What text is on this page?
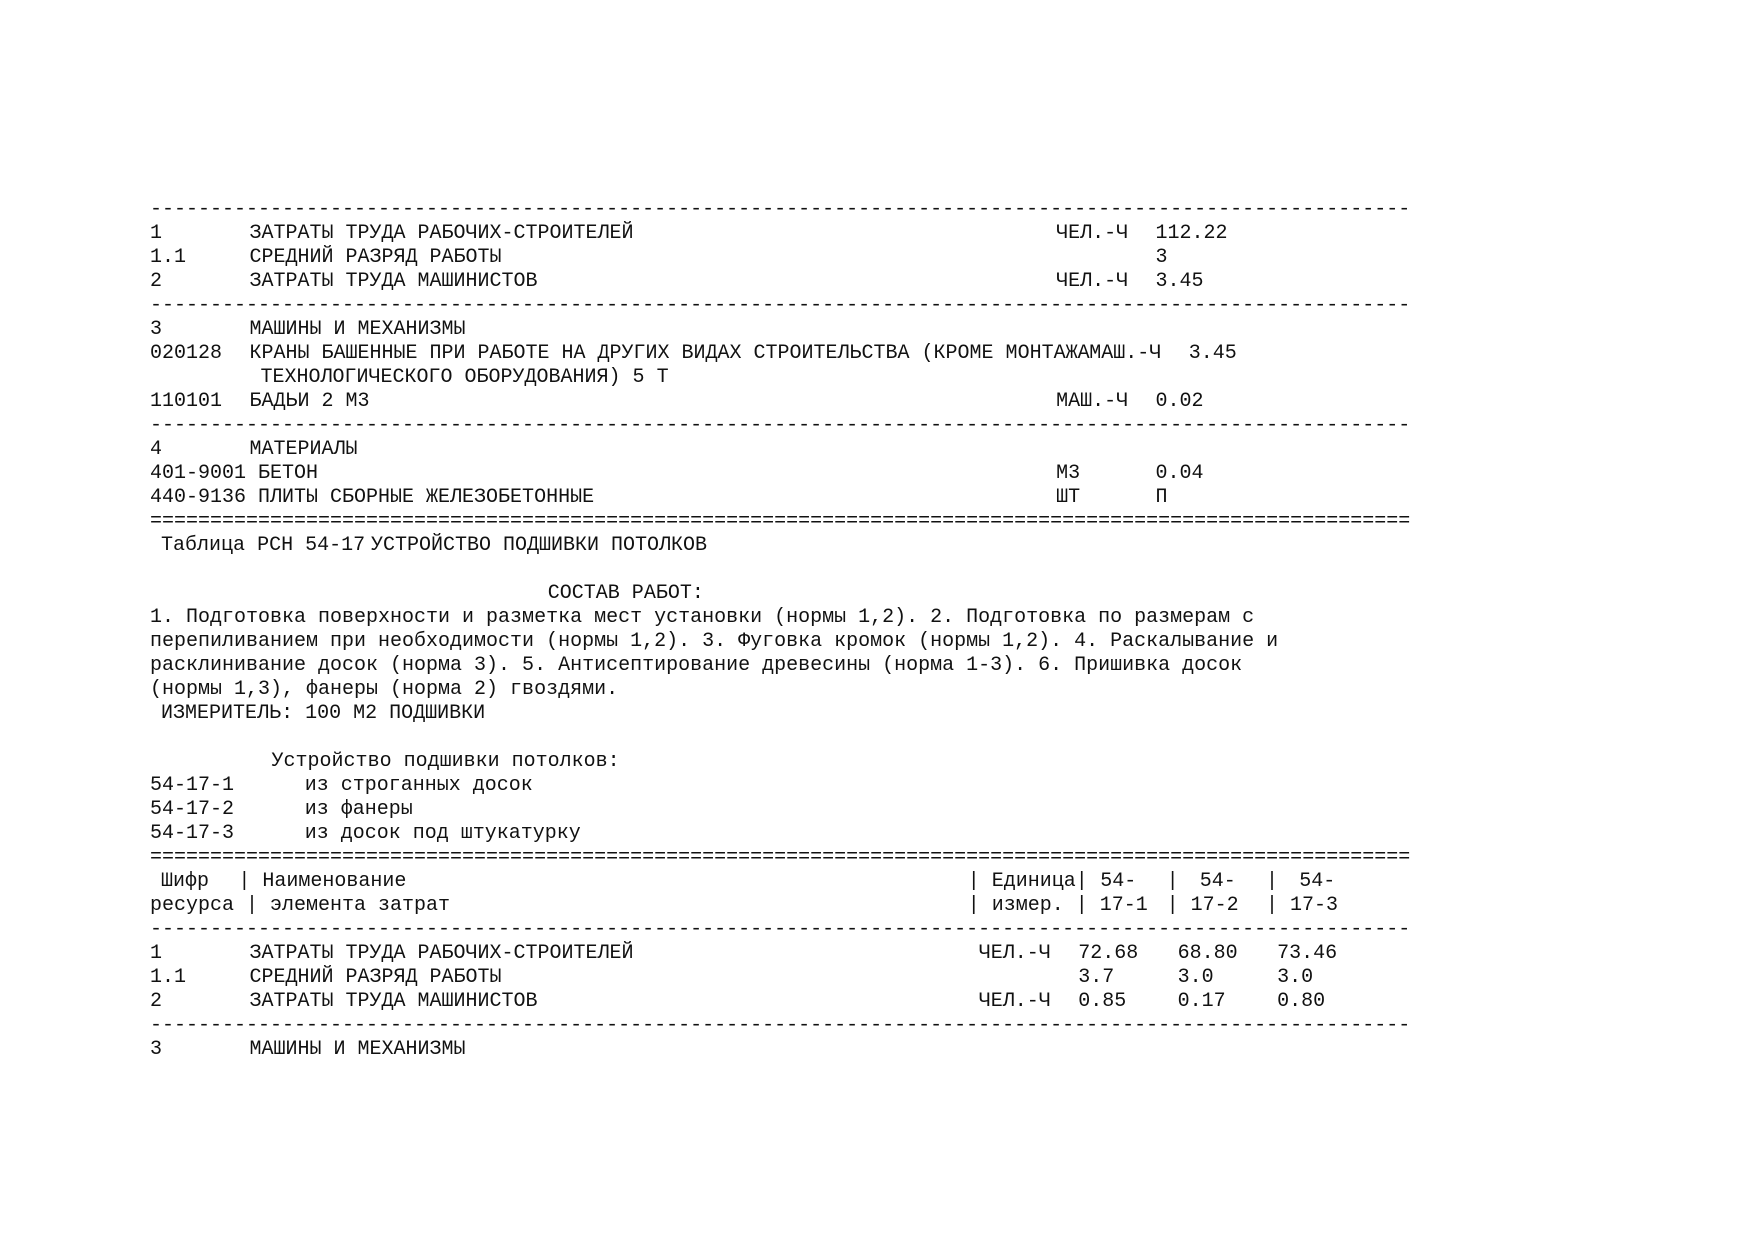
---------------------------------------------------------------------------------------------------------
1	ЗАТРАТЫ ТРУДА РАБОЧИХ-СТРОИТЕЛЕЙ	ЧЕЛ.-Ч 112.22
1.1	СРЕДНИЙ РАЗРЯД РАБОТЫ	3
2	ЗАТРАТЫ ТРУДА МАШИНИСТОВ	ЧЕЛ.-Ч 3.45
---------------------------------------------------------------------------------------------------------
3	МАШИНЫ И МЕХАНИЗМЫ
020128 КРАНЫ БАШЕННЫЕ ПРИ РАБОТЕ НА ДРУГИХ ВИДАХ СТРОИТЕЛЬСТВА (КРОМЕ МОНТАЖА МАШ.-Ч 3.45
ТЕХНОЛОГИЧЕСКОГО ОБОРУДОВАНИЯ) 5 Т
110101 БАДЬИ 2 М3	МАШ.-Ч 0.02
---------------------------------------------------------------------------------------------------------
4	МАТЕРИАЛЫ
401-9001 БЕТОН	М3	0.04
440-9136 ПЛИТЫ СБОРНЫЕ ЖЕЛЕЗОБЕТОННЫЕ	ШТ	П
=========================================================================================================
Таблица РСН 54-17 УСТРОЙСТВО ПОДШИВКИ ПОТОЛКОВ
СОСТАВ РАБОТ:
1. Подготовка поверхности и разметка мест установки (нормы 1,2). 2. Подготовка по размерам с
перепиливанием при необходимости (нормы 1,2). 3. Фуговка кромок (нормы 1,2). 4. Раскалывание и
расклинивание досок (норма 3). 5. Антисептирование древесины (норма 1-3). 6. Пришивка досок
(нормы 1,3), фанеры (норма 2) гвоздями.
ИЗМЕРИТЕЛЬ: 100 М2 ПОДШИВКИ
Устройство подшивки потолков:
54-17-1	из строганных досок
54-17-2	из фанеры
54-17-3	из досок под штукатурку
=========================================================================================================
Шифр | Наименование	| Единица| 54- | 54- | 54-
ресурса | элемента затрат	| измер. | 17-1 | 17-2 | 17-3
---------------------------------------------------------------------------------------------------------
1	ЗАТРАТЫ ТРУДА РАБОЧИХ-СТРОИТЕЛЕЙ	ЧЕЛ.-Ч 72.68 68.80 73.46
1.1	СРЕДНИЙ РАЗРЯД РАБОТЫ	3.7	3.0	3.0
2	ЗАТРАТЫ ТРУДА МАШИНИСТОВ	ЧЕЛ.-Ч 0.85	0.17	0.80
---------------------------------------------------------------------------------------------------------
3	МАШИНЫ И МЕХАНИЗМЫ
